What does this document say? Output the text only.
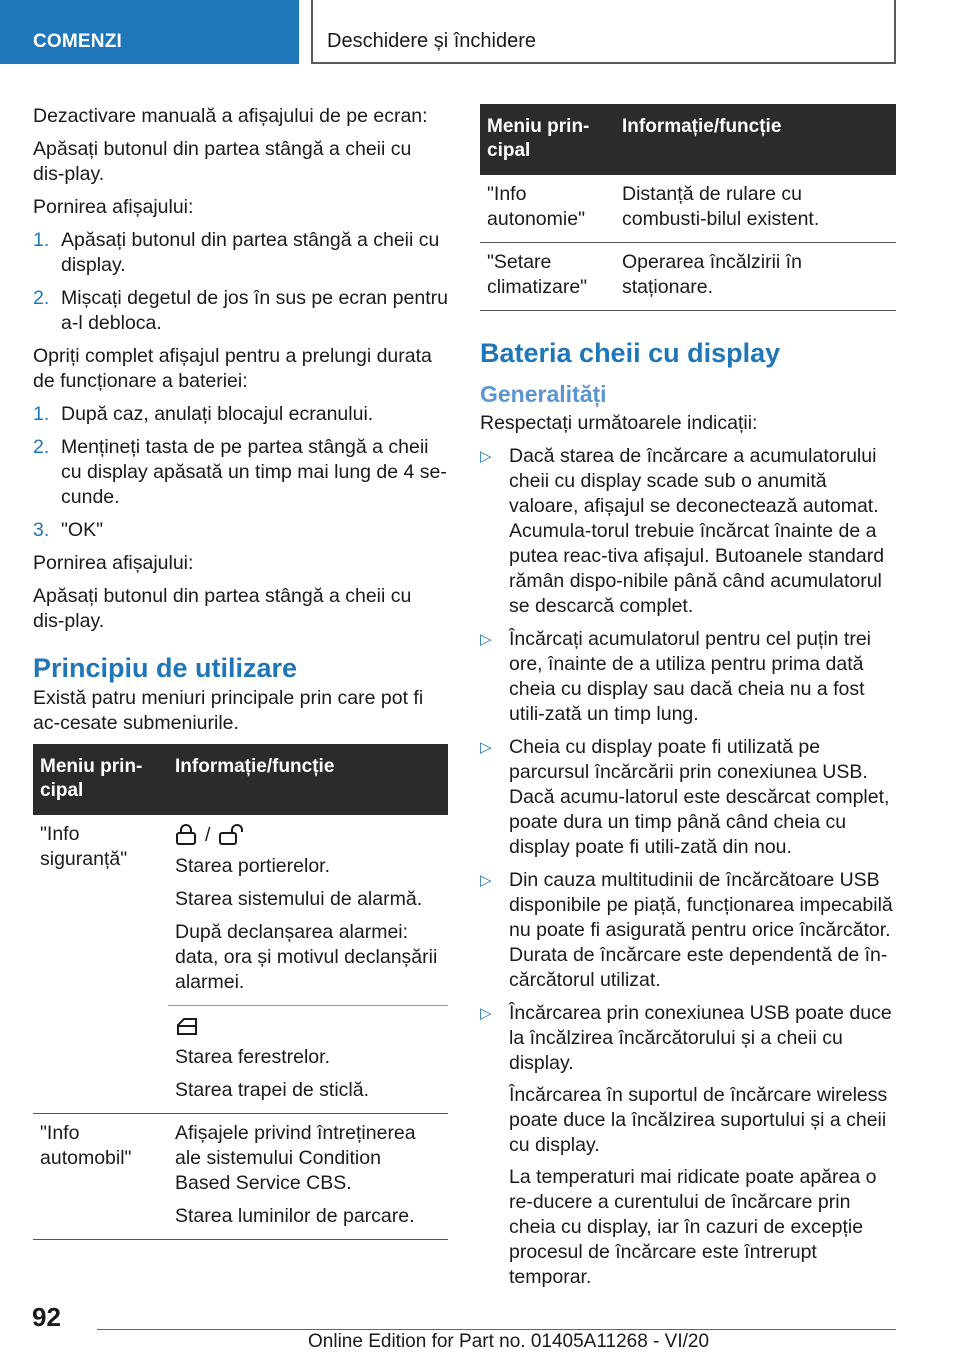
COMENZI	Deschidere și închidere

Dezactivare manuală a afișajului de pe ecran:

Apăsați butonul din partea stângă a cheii cu dis-play.

Pornirea afișajului:

1. Apăsați butonul din partea stângă a cheii cu display.
2. Mișcați degetul de jos în sus pe ecran pentru a-l debloca.

Opriți complet afișajul pentru a prelungi durata de funcționare a bateriei:

1. După caz, anulați blocajul ecranului.
2. Mențineți tasta de pe partea stângă a cheii cu display apăsată un timp mai lung de 4 se-cunde.
3. "OK"

Pornirea afișajului:

Apăsați butonul din partea stângă a cheii cu dis-play.

Principiu de utilizare

Există patru meniuri principale prin care pot fi ac-cesate submeniurile.

Meniu prin-cipal	Informație/funcție
"Info siguranță"	/

Starea portierelor.

Starea sistemului de alarmă.

După declanșarea alarmei: data, ora și motivul declanșării alarmei.

	Starea ferestrelor.

Starea trapei de sticlă.

"Info automobil"	Afișajele privind întreținerea ale sistemului Condition Based Service CBS.

Starea luminilor de parcare.

Meniu prin-cipal	Informație/funcție
"Info autonomie"	Distanță de rulare cu combusti-bilul existent.
"Setare climatizare"	Operarea încălzirii în staționare.
Bateria cheii cu display
Generalități

Respectați următoarele indicații:

▷ Dacă starea de încărcare a acumulatorului cheii cu display scade sub o anumită valoare, afișajul se deconectează automat. Acumula-torul trebuie încărcat înainte de a putea reac-tiva afișajul. Butoanele standard rămân dispo-nibile până când acumulatorul se descarcă complet.
▷ Încărcați acumulatorul pentru cel puțin trei ore, înainte de a utiliza pentru prima dată cheia cu display sau dacă cheia nu a fost utili-zată un timp lung.
▷ Cheia cu display poate fi utilizată pe parcursul încărcării prin conexiunea USB. Dacă acumu-latorul este descărcat complet, poate dura un timp până când cheia cu display poate fi utili-zată din nou.
▷ Din cauza multitudinii de încărcătoare USB disponibile pe piață, funcționarea impecabilă nu poate fi asigurată pentru orice încărcător. Durata de încărcare este dependentă de în-cărcătorul utilizat.
▷ Încărcarea prin conexiunea USB poate duce la încălzirea încărcătorului și a cheii cu display.

Încărcarea în suportul de încărcare wireless poate duce la încălzirea suportului și a cheii cu display.

La temperaturi mai ridicate poate apărea o re-ducere a curentului de încărcare prin cheia cu display, iar în cazuri de excepție procesul de încărcare este întrerupt temporar.

92
Online Edition for Part no. 01405A11268 - VI/20
